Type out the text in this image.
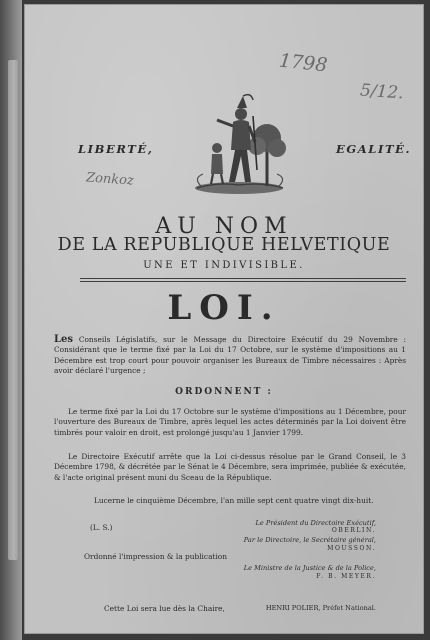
1798

5/12.

Zonkoz

LIBERTÉ,	EGALITÉ.

AU NOM
DE LA REPUBLIQUE HELVETIQUE

UNE ET INDIVISIBLE.

LOI.

Les Conseils Législatifs, sur le Message du Directoire Exécutif du 29 Novembre : Considérant que le terme fixé par la Loi du 17 Octobre, sur le système d'impositions au 1 Décembre est trop court pour pouvoir organiser les Bureaux de Timbre nécessaires : Après avoir déclaré l'urgence ;

ORDONNENT :

Le terme fixé par la Loi du 17 Octobre sur le système d'impositions au 1 Décembre, pour l'ouverture des Bureaux de Timbre, après lequel les actes déterminés par la Loi doivent être timbrés pour valoir en droit, est prolongé jusqu'au 1 Janvier 1799.

Le Directoire Exécutif arrête que la Loi ci-dessus résolue par le Grand Conseil, le 3 Décembre 1798, & décrétée par le Sénat le 4 Décembre, sera imprimée, publiée & exécutée, & l'acte original présent muni du Sceau de la République.

Lucerne le cinquième Décembre, l'an mille sept cent quatre vingt dix-huit.

(L. S.)

Ordonné l'impression & la publication

Cette Loi sera lue dès la Chaire,

Le Président du Directoire Exécutif,

OBERLIN.

Par le Directoire, le Secrétaire général,

MOUSSON.

Le Ministre de la Justice & de la Police,

F. B. MEYER.

HENRI POLIER, Préfet National.
